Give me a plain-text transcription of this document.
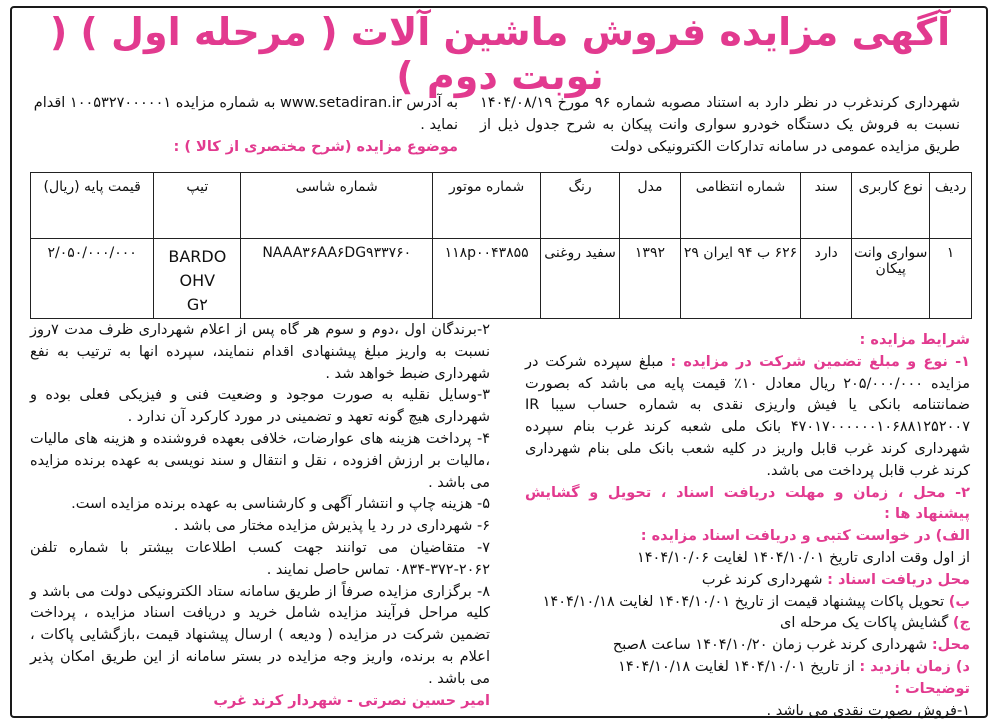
آگهی مزایده فروش ماشین آلات ( مرحله اول ) ( نوبت دوم )
شهرداری کرندغرب در نظر دارد به استناد مصوبه شماره ۹۶ مورخ ۱۴۰۴/۰۸/۱۹ نسبت به فروش یک دستگاه خودرو سواری وانت پیکان به شرح جدول ذیل از طریق مزایده عمومی در سامانه تدارکات الکترونیکی دولت

به آدرس www.setadiran.ir به شماره مزایده ۱۰۰۵۳۲۷۰۰۰۰۰۱ اقدام نماید .

موضوع مزایده (شرح مختصری از کالا ) :

ردیف	نوع کاربری	سند	شماره انتظامی	مدل	رنگ	شماره موتور	شماره شاسی	تیپ	قیمت پایه (ریال)
۱	سواری وانت پیکان	دارد	۶۲۶ ب ۹۴ ایران ۲۹	۱۳۹۲	سفید روغنی	۱۱۸p۰۰۴۳۸۵۵	NAAA۳۶AA۶DG۹۳۳۷۶۰	BARDO OHV G۲	۲/۰۵۰/۰۰۰/۰۰۰

شرایط مزایده :

۱- نوع و مبلغ تضمین شرکت در مزایده : مبلغ سپرده شرکت در مزایده ۲۰۵/۰۰۰/۰۰۰ ریال معادل ۱۰٪ قیمت پایه می باشد که بصورت ضمانتنامه بانکی یا فیش واریزی نقدی به شماره حساب سیبا IR ۴۷۰۱۷۰۰۰۰۰۰۱۰۶۸۸۱۲۵۲۰۰۷ بانک ملی شعبه کرند غرب بنام سپرده شهرداری کرند غرب قابل واریز در کلیه شعب بانک ملی بنام شهرداری کرند غرب قابل پرداخت می باشد.

۲- محل ، زمان و مهلت دریافت اسناد ، تحویل و گشایش پیشنهاد ها :

الف) در خواست کتبی و دریافت اسناد مزایده :

از اول وقت اداری تاریخ ۱۴۰۴/۱۰/۰۱ لغایت ۱۴۰۴/۱۰/۰۶

محل دریافت اسناد : شهرداری کرند غرب

ب) تحویل پاکات پیشنهاد قیمت از تاریخ ۱۴۰۴/۱۰/۰۱ لغایت ۱۴۰۴/۱۰/۱۸

ج) گشایش پاکات یک مرحله ای

محل: شهرداری کرند غرب زمان ۱۴۰۴/۱۰/۲۰ ساعت ۸صبح

د) زمان بازدید : از تاریخ ۱۴۰۴/۱۰/۰۱ لغایت ۱۴۰۴/۱۰/۱۸

توضیحات :

۱-فروش بصورت نقدی می باشد .

۲-برندگان اول ،دوم و سوم هر گاه پس از اعلام شهرداری ظرف مدت ۷روز نسبت به واریز مبلغ پیشنهادی اقدام ننمایند، سپرده انها به ترتیب به نفع شهرداری ضبط خواهد شد .

۳-وسایل نقلیه به صورت موجود و وضعیت فنی و فیزیکی فعلی بوده و شهرداری هیچ گونه تعهد و تضمینی در مورد کارکرد آن ندارد .

۴- پرداخت هزینه های عوارضات، خلافی بعهده فروشنده و هزینه های مالیات ،مالیات بر ارزش افزوده ، نقل و انتقال و سند نویسی به عهده برنده مزایده می باشد .

۵- هزینه چاپ و انتشار آگهی و کارشناسی به عهده برنده مزایده است.

۶- شهرداری در رد یا پذیرش مزایده مختار می باشد .

۷- متقاضیان می توانند جهت کسب اطلاعات بیشتر با شماره تلفن ۲۰۶۲-۳۷۲-۰۸۳۴ تماس حاصل نمایند .

۸- برگزاری مزایده صرفاً از طریق سامانه ستاد الکترونیکی دولت می باشد و کلیه مراحل فرآیند مزایده شامل خرید و دریافت اسناد مزایده ، پرداخت تضمین شرکت در مزایده ( ودیعه ) ارسال پیشنهاد قیمت ،بازگشایی پاکات ، اعلام به برنده، واریز وجه مزایده در بستر سامانه از این طریق امکان پذیر می باشد .

امیر حسین نصرتی - شهردار کرند غرب
